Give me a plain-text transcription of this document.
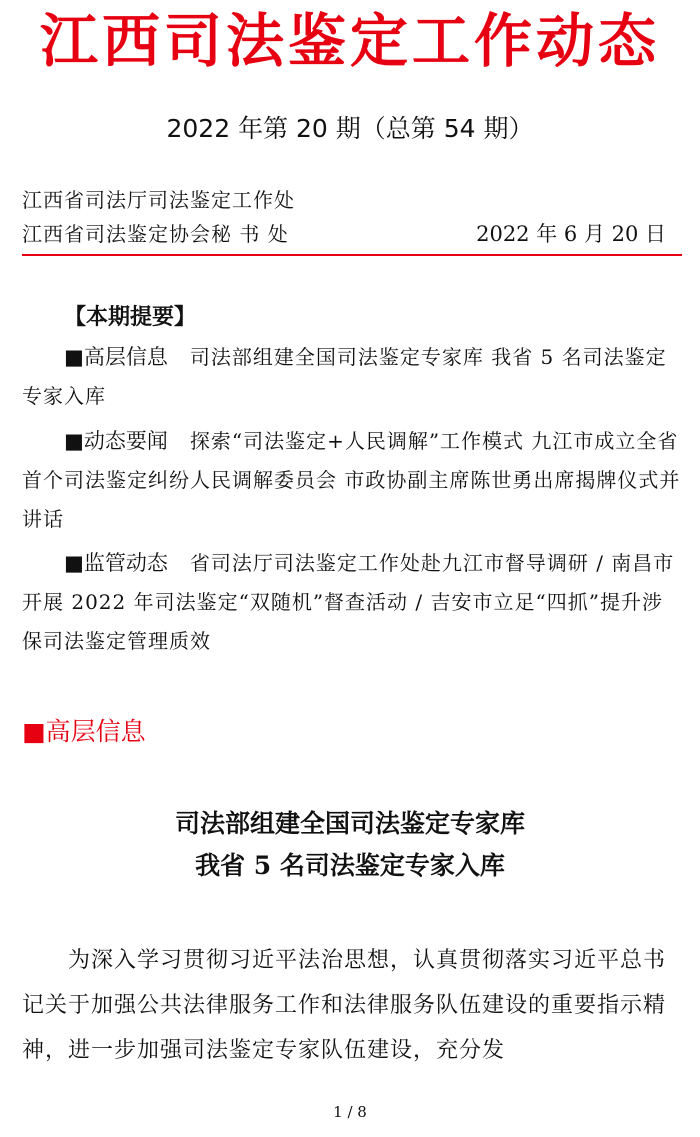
江西司法鉴定工作动态
2022 年第 20 期（总第 54 期）
江西省司法厅司法鉴定工作处
江西省司法鉴定协会秘 书 处	2022 年 6 月 20 日
【本期提要】

■高层信息 司法部组建全国司法鉴定专家库 我省 5 名司法鉴定专家入库

■动态要闻 探索“司法鉴定+人民调解”工作模式 九江市成立全省首个司法鉴定纠纷人民调解委员会 市政协副主席陈世勇出席揭牌仪式并讲话

■监管动态 省司法厅司法鉴定工作处赴九江市督导调研 / 南昌市开展 2022 年司法鉴定“双随机”督查活动 / 吉安市立足“四抓”提升涉保司法鉴定管理质效

■高层信息
司法部组建全国司法鉴定专家库
我省 5 名司法鉴定专家入库

为深入学习贯彻习近平法治思想，认真贯彻落实习近平总书记关于加强公共法律服务工作和法律服务队伍建设的重要指示精神，进一步加强司法鉴定专家队伍建设，充分发

1 / 8
